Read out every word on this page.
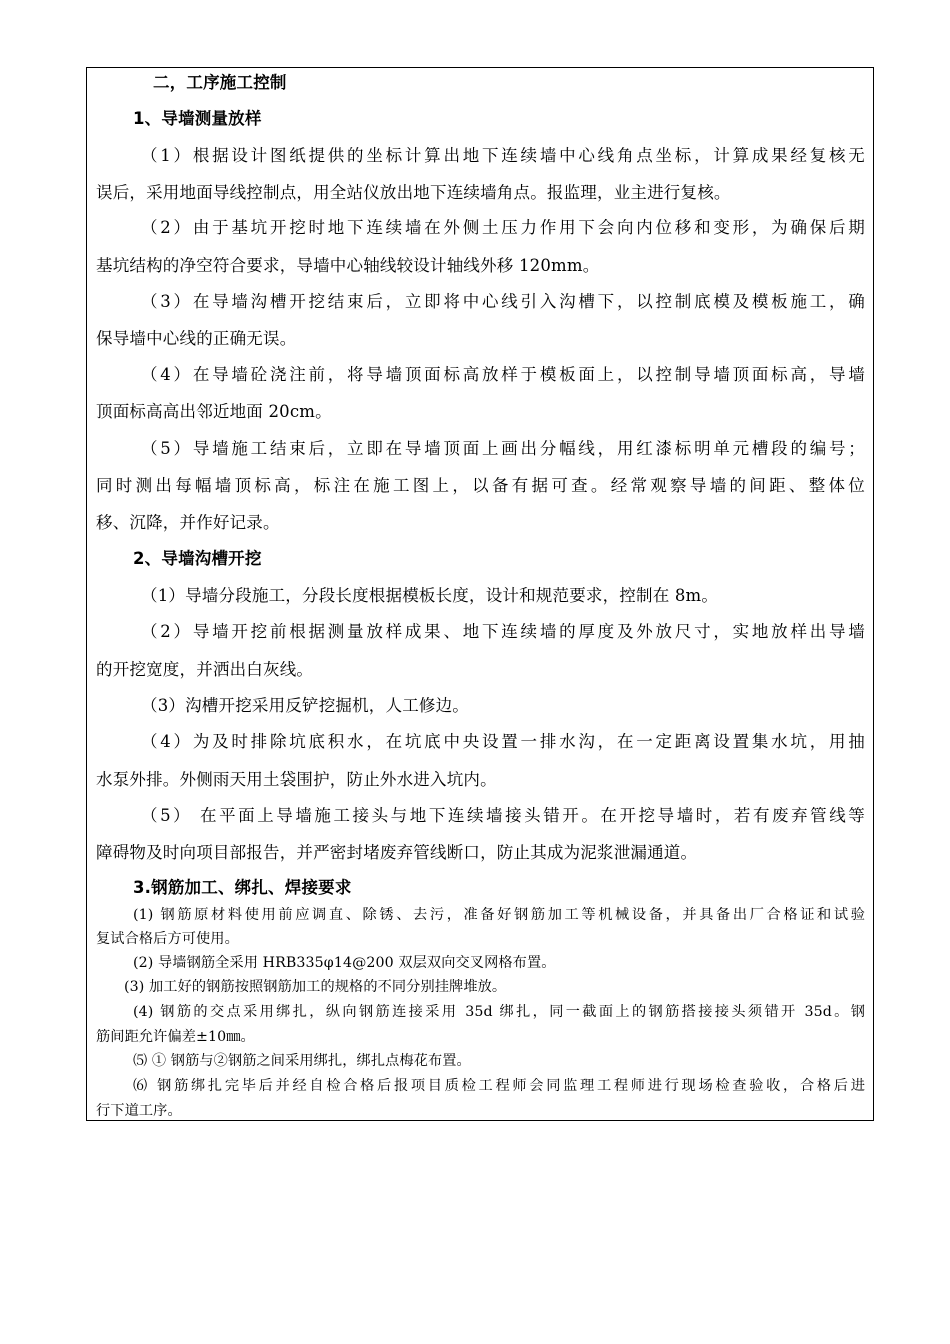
二，工序施工控制
1、导墙测量放样
（1）根据设计图纸提供的坐标计算出地下连续墙中心线角点坐标，计算成果经复核无
误后，采用地面导线控制点，用全站仪放出地下连续墙角点。报监理，业主进行复核。
（2）由于基坑开挖时地下连续墙在外侧土压力作用下会向内位移和变形，为确保后期
基坑结构的净空符合要求，导墙中心轴线较设计轴线外移 120mm。
（3）在导墙沟槽开挖结束后，立即将中心线引入沟槽下，以控制底模及模板施工，确
保导墙中心线的正确无误。
（4）在导墙砼浇注前，将导墙顶面标高放样于模板面上，以控制导墙顶面标高，导墙
顶面标高高出邻近地面 20cm。
（5）导墙施工结束后，立即在导墙顶面上画出分幅线，用红漆标明单元槽段的编号；
同时测出每幅墙顶标高，标注在施工图上，以备有据可查。经常观察导墙的间距、整体位
移、沉降，并作好记录。
2、导墙沟槽开挖
（1）导墙分段施工，分段长度根据模板长度，设计和规范要求，控制在 8m。
（2）导墙开挖前根据测量放样成果、地下连续墙的厚度及外放尺寸，实地放样出导墙
的开挖宽度，并洒出白灰线。
（3）沟槽开挖采用反铲挖掘机，人工修边。
（4）为及时排除坑底积水，在坑底中央设置一排水沟，在一定距离设置集水坑，用抽
水泵外排。外侧雨天用土袋围护，防止外水进入坑内。
（5） 在平面上导墙施工接头与地下连续墙接头错开。在开挖导墙时，若有废弃管线等
障碍物及时向项目部报告，并严密封堵废弃管线断口，防止其成为泥浆泄漏通道。
3.钢筋加工、绑扎、焊接要求
(1) 钢筋原材料使用前应调直、除锈、去污，准备好钢筋加工等机械设备，并具备出厂合格证和试验
复试合格后方可使用。
(2) 导墙钢筋全采用 HRB335φ14@200 双层双向交叉网格布置。
(3) 加工好的钢筋按照钢筋加工的规格的不同分别挂牌堆放。
(4) 钢筋的交点采用绑扎，纵向钢筋连接采用 35d 绑扎，同一截面上的钢筋搭接接头须错开 35d。钢
筋间距允许偏差±10㎜。
⑸ ① 钢筋与②钢筋之间采用绑扎，绑扎点梅花布置。
⑹ 钢筋绑扎完毕后并经自检合格后报项目质检工程师会同监理工程师进行现场检查验收，合格后进
行下道工序。
